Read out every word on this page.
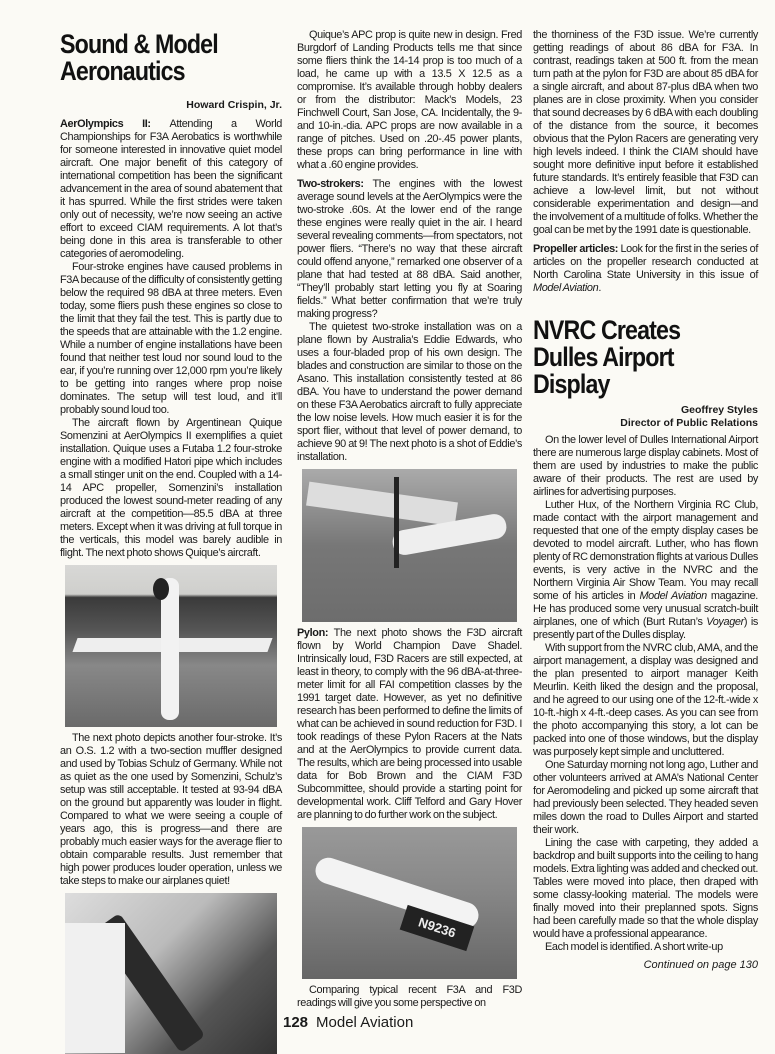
Sound & Model
Aeronautics
Howard Crispin, Jr.

AerOlympics II: Attending a World Championships for F3A Aerobatics is worthwhile for someone interested in innovative quiet model aircraft. One major benefit of this category of international competition has been the significant advancement in the area of sound abatement that it has spurred. While the first strides were taken only out of necessity, we’re now seeing an active effort to exceed CIAM requirements. A lot that’s being done in this area is transferable to other categories of aeromodeling.

Four-stroke engines have caused problems in F3A because of the difficulty of consistently getting below the required 98 dBA at three meters. Even today, some fliers push these engines so close to the limit that they fail the test. This is partly due to the speeds that are attainable with the 1.2 engine. While a number of engine installations have been found that neither test loud nor sound loud to the ear, if you’re running over 12,000 rpm you’re likely to be getting into ranges where prop noise dominates. The setup will test loud, and it’ll probably sound loud too.

The aircraft flown by Argentinean Quique Somenzini at AerOlympics II exemplifies a quiet installation. Quique uses a Futaba 1.2 four-stroke engine with a modified Hatori pipe which includes a small stinger unit on the end. Coupled with a 14-14 APC propeller, Somenzini’s installation produced the lowest sound-meter reading of any aircraft at the competition—85.5 dBA at three meters. Except when it was driving at full torque in the verticals, this model was barely audible in flight. The next photo shows Quique’s aircraft.

The next photo depicts another four-stroke. It’s an O.S. 1.2 with a two-section muffler designed and used by Tobias Schulz of Germany. While not as quiet as the one used by Somenzini, Schulz’s setup was still acceptable. It tested at 93-94 dBA on the ground but apparently was louder in flight. Compared to what we were seeing a couple of years ago, this is progress—and there are probably much easier ways for the average flier to obtain comparable results. Just remember that high power produces louder operation, unless we take steps to make our airplanes quiet!

Quique’s APC prop is quite new in design. Fred Burgdorf of Landing Products tells me that since some fliers think the 14-14 prop is too much of a load, he came up with a 13.5 X 12.5 as a compromise. It’s available through hobby dealers or from the distributor: Mack’s Models, 23 Finchwell Court, San Jose, CA. Incidentally, the 9- and 10-in.-dia. APC props are now available in a range of pitches. Used on .20-.45 power plants, these props can bring performance in line with what a .60 engine provides.

Two-strokers: The engines with the lowest average sound levels at the AerOlympics were the two-stroke .60s. At the lower end of the range these engines were really quiet in the air. I heard several revealing comments—from spectators, not power fliers. “There’s no way that these aircraft could offend anyone,” remarked one observer of a plane that had tested at 88 dBA. Said another, “They’ll probably start letting you fly at Soaring fields.” What better confirmation that we’re truly making progress?

The quietest two-stroke installation was on a plane flown by Australia’s Eddie Edwards, who uses a four-bladed prop of his own design. The blades and construction are similar to those on the Asano. This installation consistently tested at 86 dBA. You have to understand the power demand on these F3A Aerobatics aircraft to fully appreciate the low noise levels. How much easier it is for the sport flier, without that level of power demand, to achieve 90 at 9! The next photo is a shot of Eddie’s installation.

Pylon: The next photo shows the F3D aircraft flown by World Champion Dave Shadel. Intrinsically loud, F3D Racers are still expected, at least in theory, to comply with the 96 dBA-at-three-meter limit for all FAI competition classes by the 1991 target date. However, as yet no definitive research has been performed to define the limits of what can be achieved in sound reduction for F3D. I took readings of these Pylon Racers at the Nats and at the AerOlympics to provide current data. The results, which are being processed into usable data for Bob Brown and the CIAM F3D Subcommittee, should provide a starting point for developmental work. Cliff Telford and Gary Hover are planning to do further work on the subject.

N9236

Comparing typical recent F3A and F3D readings will give you some perspective on

128 Model Aviation

the thorniness of the F3D issue. We’re currently getting readings of about 86 dBA for F3A. In contrast, readings taken at 500 ft. from the mean turn path at the pylon for F3D are about 85 dBA for a single aircraft, and about 87-plus dBA when two planes are in close proximity. When you consider that sound decreases by 6 dBA with each doubling of the distance from the source, it becomes obvious that the Pylon Racers are generating very high levels indeed. I think the CIAM should have sought more definitive input before it established future standards. It’s entirely feasible that F3D can achieve a low-level limit, but not without considerable experimentation and design—and the involvement of a multitude of folks. Whether the goal can be met by the 1991 date is questionable.

Propeller articles: Look for the first in the series of articles on the propeller research conducted at North Carolina State University in this issue of Model Aviation.

NVRC Creates
Dulles Airport
Display
Geoffrey Styles
Director of Public Relations

On the lower level of Dulles International Airport there are numerous large display cabinets. Most of them are used by industries to make the public aware of their products. The rest are used by airlines for advertising purposes.

Luther Hux, of the Northern Virginia RC Club, made contact with the airport management and requested that one of the empty display cases be devoted to model aircraft. Luther, who has flown plenty of RC demonstration flights at various Dulles events, is very active in the NVRC and the Northern Virginia Air Show Team. You may recall some of his articles in Model Aviation magazine. He has produced some very unusual scratch-built airplanes, one of which (Burt Rutan’s Voyager) is presently part of the Dulles display.

With support from the NVRC club, AMA, and the airport management, a display was designed and the plan presented to airport manager Keith Meurlin. Keith liked the design and the proposal, and he agreed to our using one of the 12-ft.-wide x 10-ft.-high x 4-ft.-deep cases. As you can see from the photo accompanying this story, a lot can be packed into one of those windows, but the display was purposely kept simple and uncluttered.

One Saturday morning not long ago, Luther and other volunteers arrived at AMA’s National Center for Aeromodeling and picked up some aircraft that had previously been selected. They headed seven miles down the road to Dulles Airport and started their work.

Lining the case with carpeting, they added a backdrop and built supports into the ceiling to hang models. Extra lighting was added and checked out. Tables were moved into place, then draped with some classy-looking material. The models were finally moved into their preplanned spots. Signs had been carefully made so that the whole display would have a professional appearance.

Each model is identified. A short write-up

Continued on page 130
